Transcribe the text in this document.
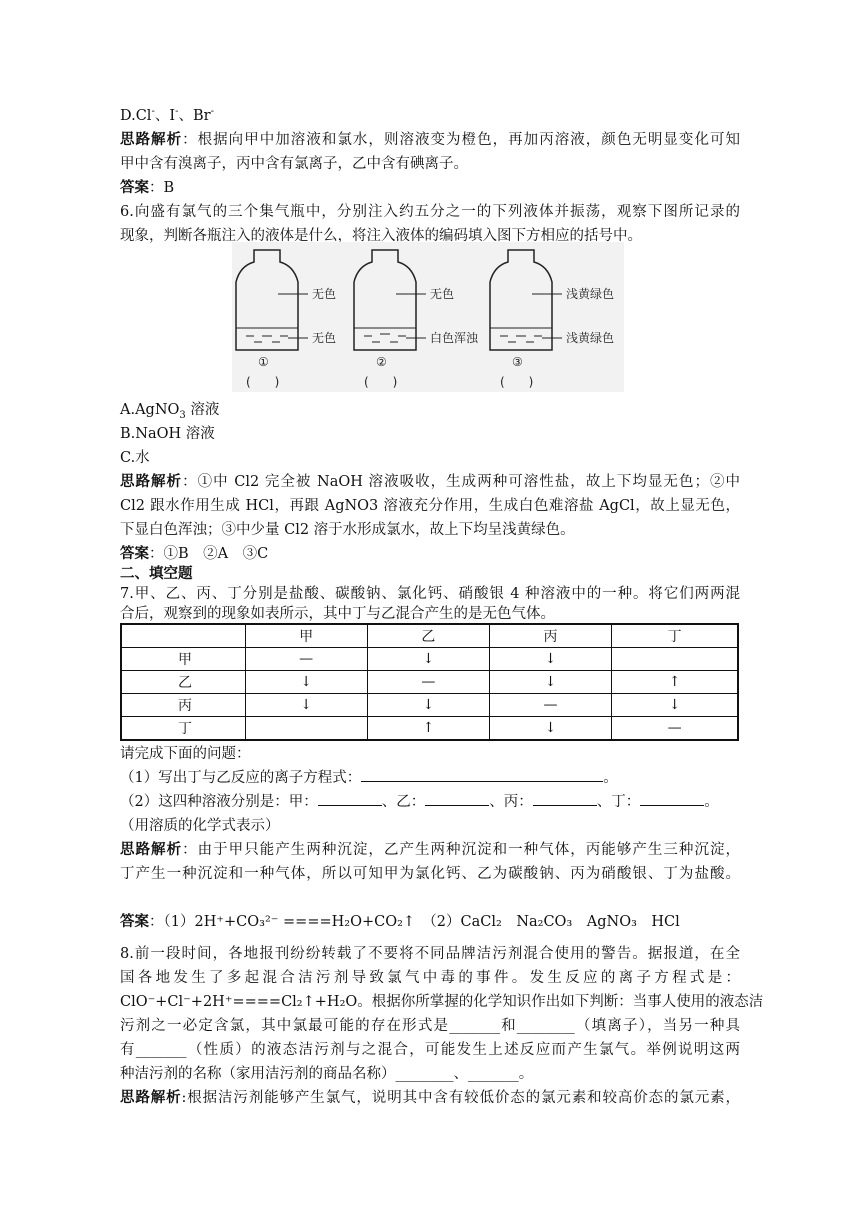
D.Cl-、I-、Br-
思路解析：根据向甲中加溶液和氯水，则溶液变为橙色，再加丙溶液，颜色无明显变化可知
甲中含有溴离子，丙中含有氯离子，乙中含有碘离子。
答案：B
6.向盛有氯气的三个集气瓶中，分别注入约五分之一的下列液体并振荡，观察下图所记录的
现象，判断各瓶注入的液体是什么，将注入液体的编码填入图下方相应的括号中。
无色
无色
①
(　　)
无色
白色浑浊
②
(　　)
浅黄绿色
浅黄绿色
③
(　　)
A.AgNO$_3$ 溶液
B.NaOH 溶液
C.水
思路解析：①中 Cl2 完全被 NaOH 溶液吸收，生成两种可溶性盐，故上下均显无色；②中
Cl2 跟水作用生成 HCl，再跟 AgNO3 溶液充分作用，生成白色难溶盐 AgCl，故上显无色，
下显白色浑浊；③中少量 Cl2 溶于水形成氯水，故上下均呈浅黄绿色。
答案：①B　②A　③C
二、填空题
7.甲、乙、丙、丁分别是盐酸、碳酸钠、氯化钙、硝酸银 4 种溶液中的一种。将它们两两混
合后，观察到的现象如表所示，其中丁与乙混合产生的是无色气体。
	甲	乙	丙	丁
甲	—	↓	↓	
乙	↓	—	↓	↑
丙	↓	↓	—	↓
丁		↑	↓	—
请完成下面的问题：
（1）写出丁与乙反应的离子方程式：	。
（2）这四种溶液分别是：甲：	、乙：	、丙：	、丁：	。
（用溶质的化学式表示）
思路解析：由于甲只能产生两种沉淀，乙产生两种沉淀和一种气体，丙能够产生三种沉淀，
丁产生一种沉淀和一种气体，所以可知甲为氯化钙、乙为碳酸钠、丙为硝酸银、丁为盐酸。
答案：（1）2H⁺+CO₃²⁻ ====H₂O+CO₂↑　（2）CaCl₂　Na₂CO₃　AgNO₃　HCl
8.前一段时间，各地报刊纷纷转载了不要将不同品牌洁污剂混合使用的警告。据报道，在全
国各地发生了多起混合洁污剂导致氯气中毒的事件。发生反应的离子方程式是：
ClO⁻+Cl⁻+2H⁺====Cl₂↑+H₂O。根据你所掌握的化学知识作出如下判断：当事人使用的液态洁
污剂之一必定含氯，其中氯最可能的存在形式是_______和________（填离子），当另一种具
有_______（性质）的液态洁污剂与之混合，可能发生上述反应而产生氯气。举例说明这两
种洁污剂的名称（家用洁污剂的商品名称）________、_______。
思路解析:根据洁污剂能够产生氯气，说明其中含有较低价态的氯元素和较高价态的氯元素，
